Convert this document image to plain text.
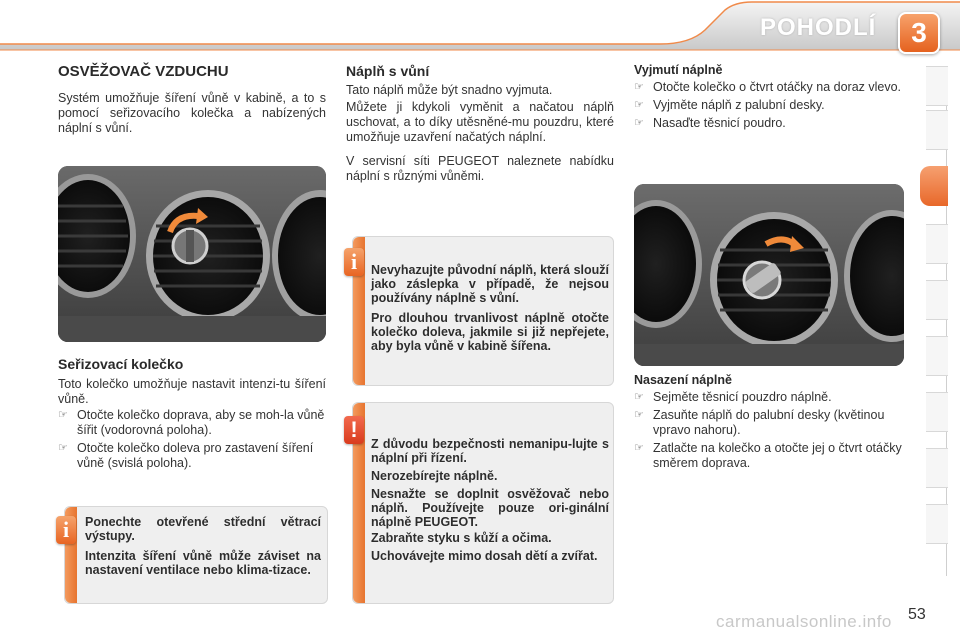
POHODLÍ	3
OSVĚŽOVAČ VZDUCHU
Systém umožňuje šíření vůně v kabině, a to s pomocí seřizovacího kolečka a nabízených náplní s vůní.
Seřizovací kolečko
Toto kolečko umožňuje nastavit intenzi-tu šíření vůně.
☞ Otočte kolečko doprava, aby se moh-la vůně šířit (vodorovná poloha).
☞ Otočte kolečko doleva pro zastavení šíření vůně (svislá poloha).

Ponechte otevřené střední větrací výstupy.

Intenzita šíření vůně může záviset na nastavení ventilace nebo klima-tizace.

i
Náplň s vůní
Tato náplň může být snadno vyjmuta.
Můžete ji kdykoli vyměnit a načatou náplň uschovat, a to díky utěsněné-mu pouzdru, které umožňuje uzavření načatých náplní.
V servisní síti PEUGEOT naleznete nabídku náplní s různými vůněmi.

Nevyhazujte původní náplň, která slouží jako záslepka v případě, že nejsou používány náplně s vůní.

Pro dlouhou trvanlivost náplně otočte kolečko doleva, jakmile si již nepřejete, aby byla vůně v kabině šířena.

i

Z důvodu bezpečnosti nemanipu-lujte s náplní při řízení.

Nerozebírejte náplně.

Nesnažte se doplnit osvěžovač nebo náplň. Používejte pouze ori-ginální náplně PEUGEOT.

Zabraňte styku s kůží a očima.

Uchovávejte mimo dosah dětí a zvířat.

!
Vyjmutí náplně
☞ Otočte kolečko o čtvrt otáčky na doraz vlevo.
☞ Vyjměte náplň z palubní desky.
☞ Nasaďte těsnicí poudro.
Nasazení náplně
☞ Sejměte těsnicí pouzdro náplně.
☞ Zasuňte náplň do palubní desky (květinou vpravo nahoru).
☞ Zatlačte na kolečko a otočte jej o čtvrt otáčky směrem doprava.
carmanualsonline.info 53
